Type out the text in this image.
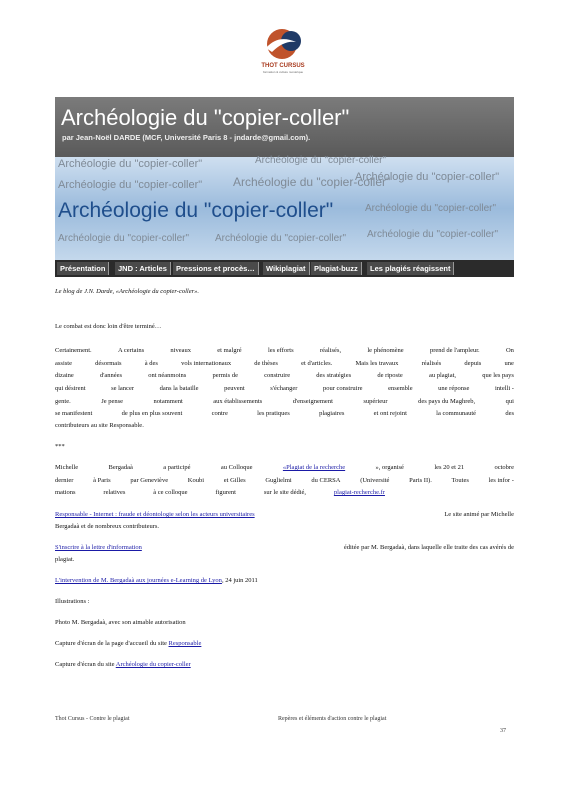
THOT CURSUS
formation & culture numérique
Archéologie du "copier-coller"
par Jean-Noël DARDE (MCF, Université Paris 8 - jndarde@gmail.com).
Archéologie du "copier-coller"	Archéologie du "copier-coller"
Archéologie du "copier-coller"	Archéologie du "copier-coller"
Archéologie du "copier-coller"
Archéologie du "copier-coller"	Archéologie du "copier-coller"
Archéologie du "copier-coller"	Archéologie du "copier-coller" Archéologie du "copier-coller"
Présentation	JND : Articles	Pressions et procès…	Wikiplagiat	Plagiat-buzz	Les plagiés réagissent
Le blog de J.N. Darde, «Archéologie du copier-coller».
Le combat est donc loin d'être terminé…
Certainement.	A certains	niveaux	et malgré	les efforts	réalisés,	le phénomène	prend de l'ampleur.	On
assiste	désormais	à des	vols internationaux	de thèses	et d'articles.	Mais les travaux	réalisés	depuis	une
dizaine	d'années	ont néanmoins	permis de	construire	des stratégies	de riposte	au plagiat,	que les pays
qui désirent	se lancer	dans la bataille	peuvent	s'échanger	pour construire	ensemble	une réponse	intelli -
gente.	Je pense	notamment	aux établissements	d'enseignement	supérieur	des pays du Maghreb,	qui
se manifestent	de plus en plus souvent	contre	les pratiques	plagiaires	et ont rejoint	la communauté	des
contributeurs au site Responsable.
***
Michelle	Bergadaà	a participé	au Colloque	«Plagiat de la recherche	», organisé	les 20 et 21	octobre
dernier	à Paris	par Geneviève	Koubi	et Gilles	Guglielmi	du CERSA	(Université	Paris II).	Toutes	les infor -
mations	relatives	à ce colloque	figurent	sur le site dédié,	plagiat-recherche.fr
Responsable - Internet : fraude et déontologie selon les acteurs universitaires	Le site animé par Michelle
Bergadaà et de nombreux contributeurs.
S'inscrire à la lettre d'information	éditée par M. Bergadaà, dans laquelle elle traite des cas avérés de
plagiat.
L'intervention de M. Bergadaà aux journées e-Learning de Lyon, 24 juin 2011
Illustrations :
Photo M. Bergadaà, avec son aimable autorisation
Capture d'écran de la page d'accueil du site Responsable
Capture d'écran du site Archéologie du copier-coller
Thot Cursus - Contre le plagiat	Repères et éléments d'action contre le plagiat
37
